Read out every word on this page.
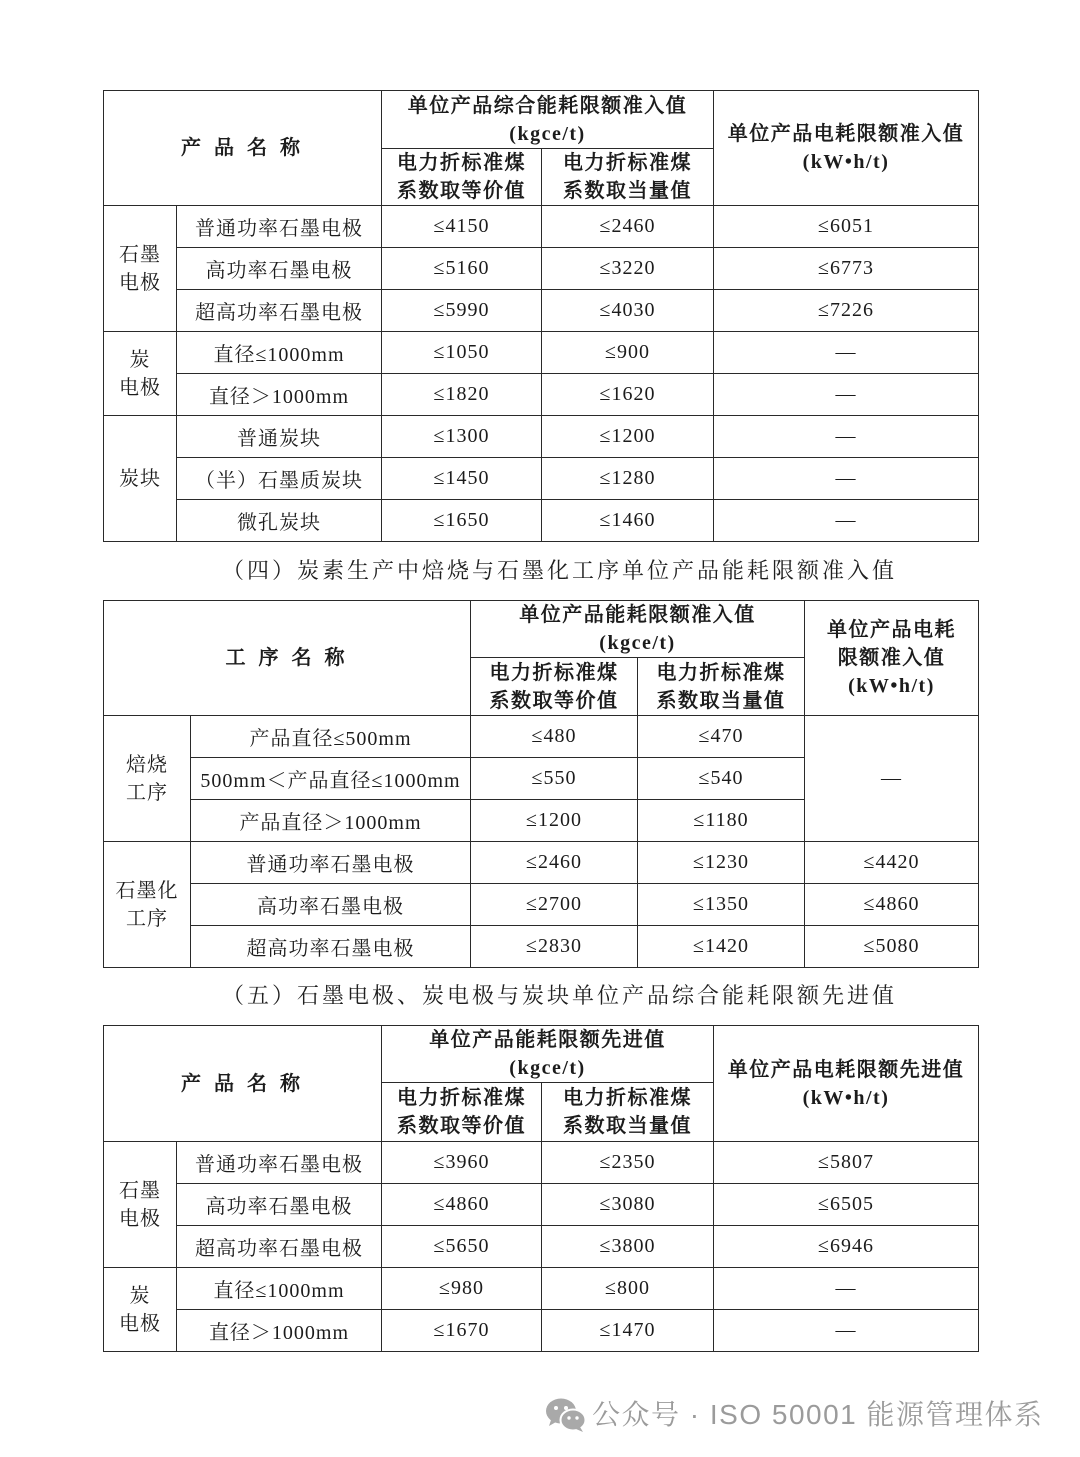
产 品 名 称		单位产品综合能耗限额准入值
(kgce/t)		单位产品电耗限额准入值
(kW•h/t)
		电力折标准煤
系数取等价值	电力折标准煤
系数取当量值	
石墨
电极	普通功率石墨电极	≤4150	≤2460	≤6051
	高功率石墨电极	≤5160	≤3220	≤6773
	超高功率石墨电极	≤5990	≤4030	≤7226
炭
电极	直径≤1000mm	≤1050	≤900	—
	直径＞1000mm	≤1820	≤1620	—
炭块	普通炭块	≤1300	≤1200	—
	（半）石墨质炭块	≤1450	≤1280	—
	微孔炭块	≤1650	≤1460	—
（四）炭素生产中焙烧与石墨化工序单位产品能耗限额准入值
工 序 名 称		单位产品能耗限额准入值
(kgce/t)		单位产品电耗
限额准入值
(kW•h/t)
		电力折标准煤
系数取等价值	电力折标准煤
系数取当量值	
焙烧
工序	产品直径≤500mm	≤480	≤470	—
	500mm＜产品直径≤1000mm	≤550	≤540	
	产品直径＞1000mm	≤1200	≤1180	
石墨化
工序	普通功率石墨电极	≤2460	≤1230	≤4420
	高功率石墨电极	≤2700	≤1350	≤4860
	超高功率石墨电极	≤2830	≤1420	≤5080
（五）石墨电极、炭电极与炭块单位产品综合能耗限额先进值
产 品 名 称		单位产品能耗限额先进值
(kgce/t)		单位产品电耗限额先进值
(kW•h/t)
		电力折标准煤
系数取等价值	电力折标准煤
系数取当量值	
石墨
电极	普通功率石墨电极	≤3960	≤2350	≤5807
	高功率石墨电极	≤4860	≤3080	≤6505
	超高功率石墨电极	≤5650	≤3800	≤6946
炭
电极	直径≤1000mm	≤980	≤800	—
	直径＞1000mm	≤1670	≤1470	—
公众号 · ISO 50001 能源管理体系
